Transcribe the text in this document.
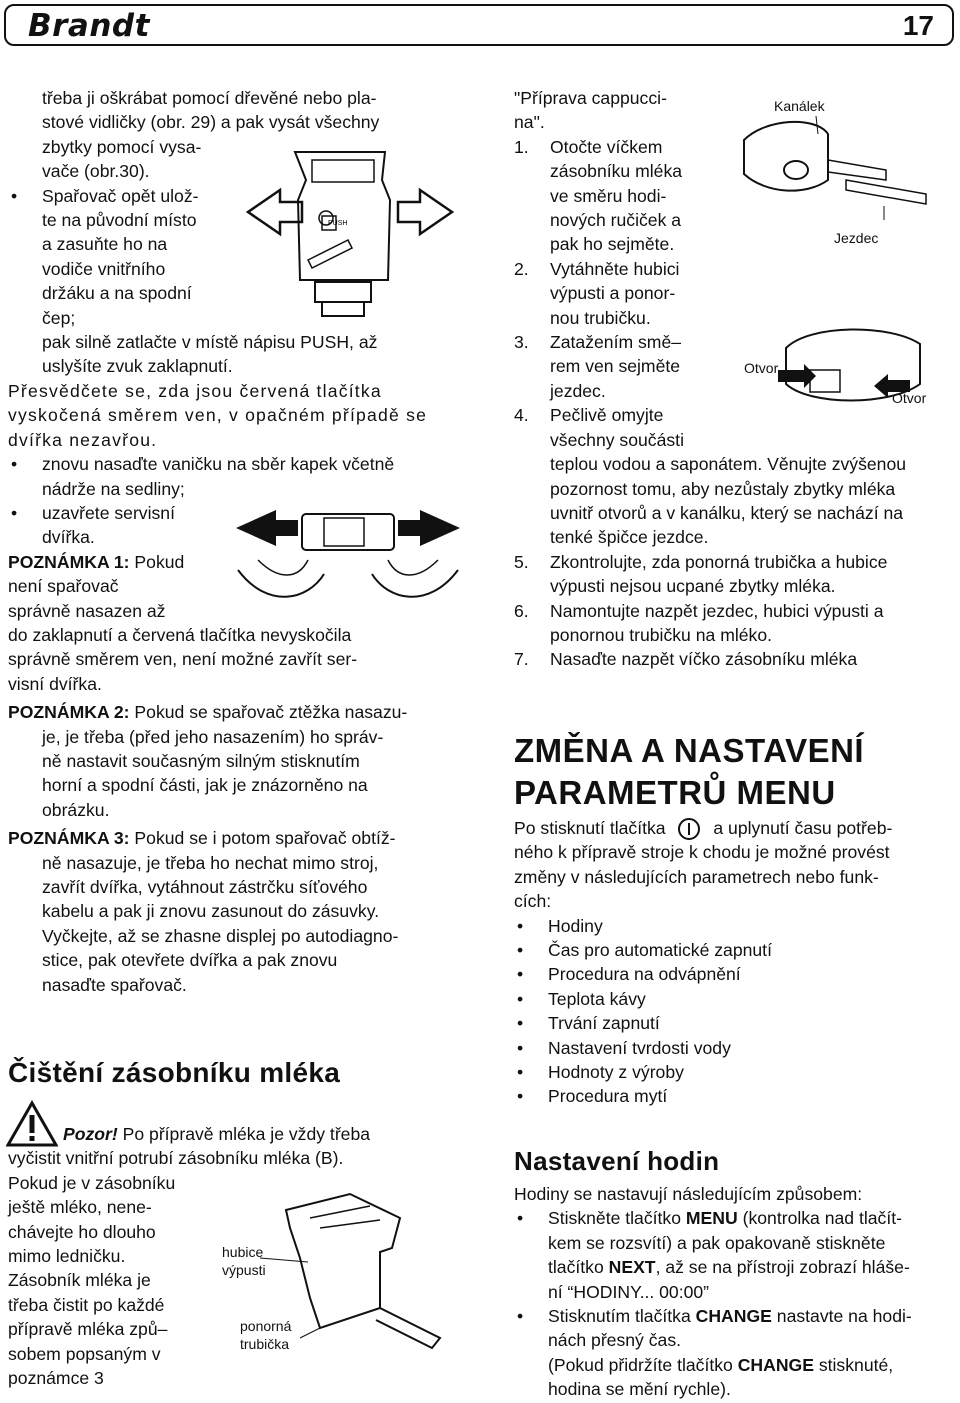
Brandt	17
třeba ji oškrábat pomocí dřevěné nebo pla-
stové vidličky (obr. 29) a pak vysát všechny
zbytky pomocí vysa-
vače (obr.30).
• Spařovač opět ulož-
te na původní místo
a zasuňte ho na
vodiče vnitřního
držáku a na spodní
čep;
pak silně zatlačte v místě nápisu PUSH, až
uslyšíte zvuk zaklapnutí.
Přesvědčete se, zda jsou červená tlačítka
vyskočená směrem ven, v opačném případě se
dvířka nezavřou.
• znovu nasaďte vaničku na sběr kapek včetně
nádrže na sedliny;
• uzavřete servisní
dvířka.
POZNÁMKA 1: Pokud
není spařovač
správně nasazen až
do zaklapnutí a červená tlačítka nevyskočila
správně směrem ven, není možné zavřít ser-
visní dvířka.
POZNÁMKA 2: Pokud se spařovač ztěžka nasazu-
je, je třeba (před jeho nasazením) ho správ-
ně nastavit současným silným stisknutím
horní a spodní části, jak je znázorněno na
obrázku.
POZNÁMKA 3: Pokud se i potom spařovač obtíž-
ně nasazuje, je třeba ho nechat mimo stroj,
zavřít dvířka, vytáhnout zástrčku síťového
kabelu a pak ji znovu zasunout do zásuvky.
Vyčkejte, až se zhasne displej po autodiagno-
stice, pak otevřete dvířka a pak znovu
nasaďte spařovač.
Čištění zásobníku mléka
Pozor! Po přípravě mléka je vždy třeba
vyčistit vnitřní potrubí zásobníku mléka (B).
Pokud je v zásobníku
ještě mléko, nene-
chávejte ho dlouho
mimo ledničku.
Zásobník mléka je
třeba čistit po každé
přípravě mléka způ–
sobem popsaným v
poznámce 3
PUSH
hubice
výpusti
ponorná
trubička
"Příprava cappucci-
na".
1. Otočte víčkem
zásobníku mléka
ve směru hodi-
nových ručiček a
pak ho sejměte.
2. Vytáhněte hubici
výpusti a ponor-
nou trubičku.
3. Zatažením smě–
rem ven sejměte
jezdec.
4. Pečlivě omyjte
všechny součásti
teplou vodou a saponátem. Věnujte zvýšenou
pozornost tomu, aby nezůstaly zbytky mléka
uvnitř otvorů a v kanálku, který se nachází na
tenké špičce jezdce.
5. Zkontrolujte, zda ponorná trubička a hubice
výpusti nejsou ucpané zbytky mléka.
6. Namontujte nazpět jezdec, hubici výpusti a
ponornou trubičku na mléko.
7. Nasaďte nazpět víčko zásobníku mléka
Kanálek
Jezdec
Otvor
Otvor
ZMĚNA A NASTAVENÍ
PARAMETRŮ MENU
Po stisknutí tlačítka	a uplynutí času potřeb-
ného k přípravě stroje k chodu je možné provést
změny v následujících parametrech nebo funk-
cích:
• Hodiny
• Čas pro automatické zapnutí
• Procedura na odvápnění
• Teplota kávy
• Trvání zapnutí
• Nastavení tvrdosti vody
• Hodnoty z výroby
• Procedura mytí
Nastavení hodin
Hodiny se nastavují následujícím způsobem:
• Stiskněte tlačítko MENU (kontrolka nad tlačít-
kem se rozsvítí) a pak opakovaně stiskněte
tlačítko NEXT, až se na přístroji zobrazí hláše-
ní “HODINY... 00:00”
• Stisknutím tlačítka CHANGE nastavte na hodi-
nách přesný čas.
(Pokud přidržíte tlačítko CHANGE stisknuté,
hodina se mění rychle).
